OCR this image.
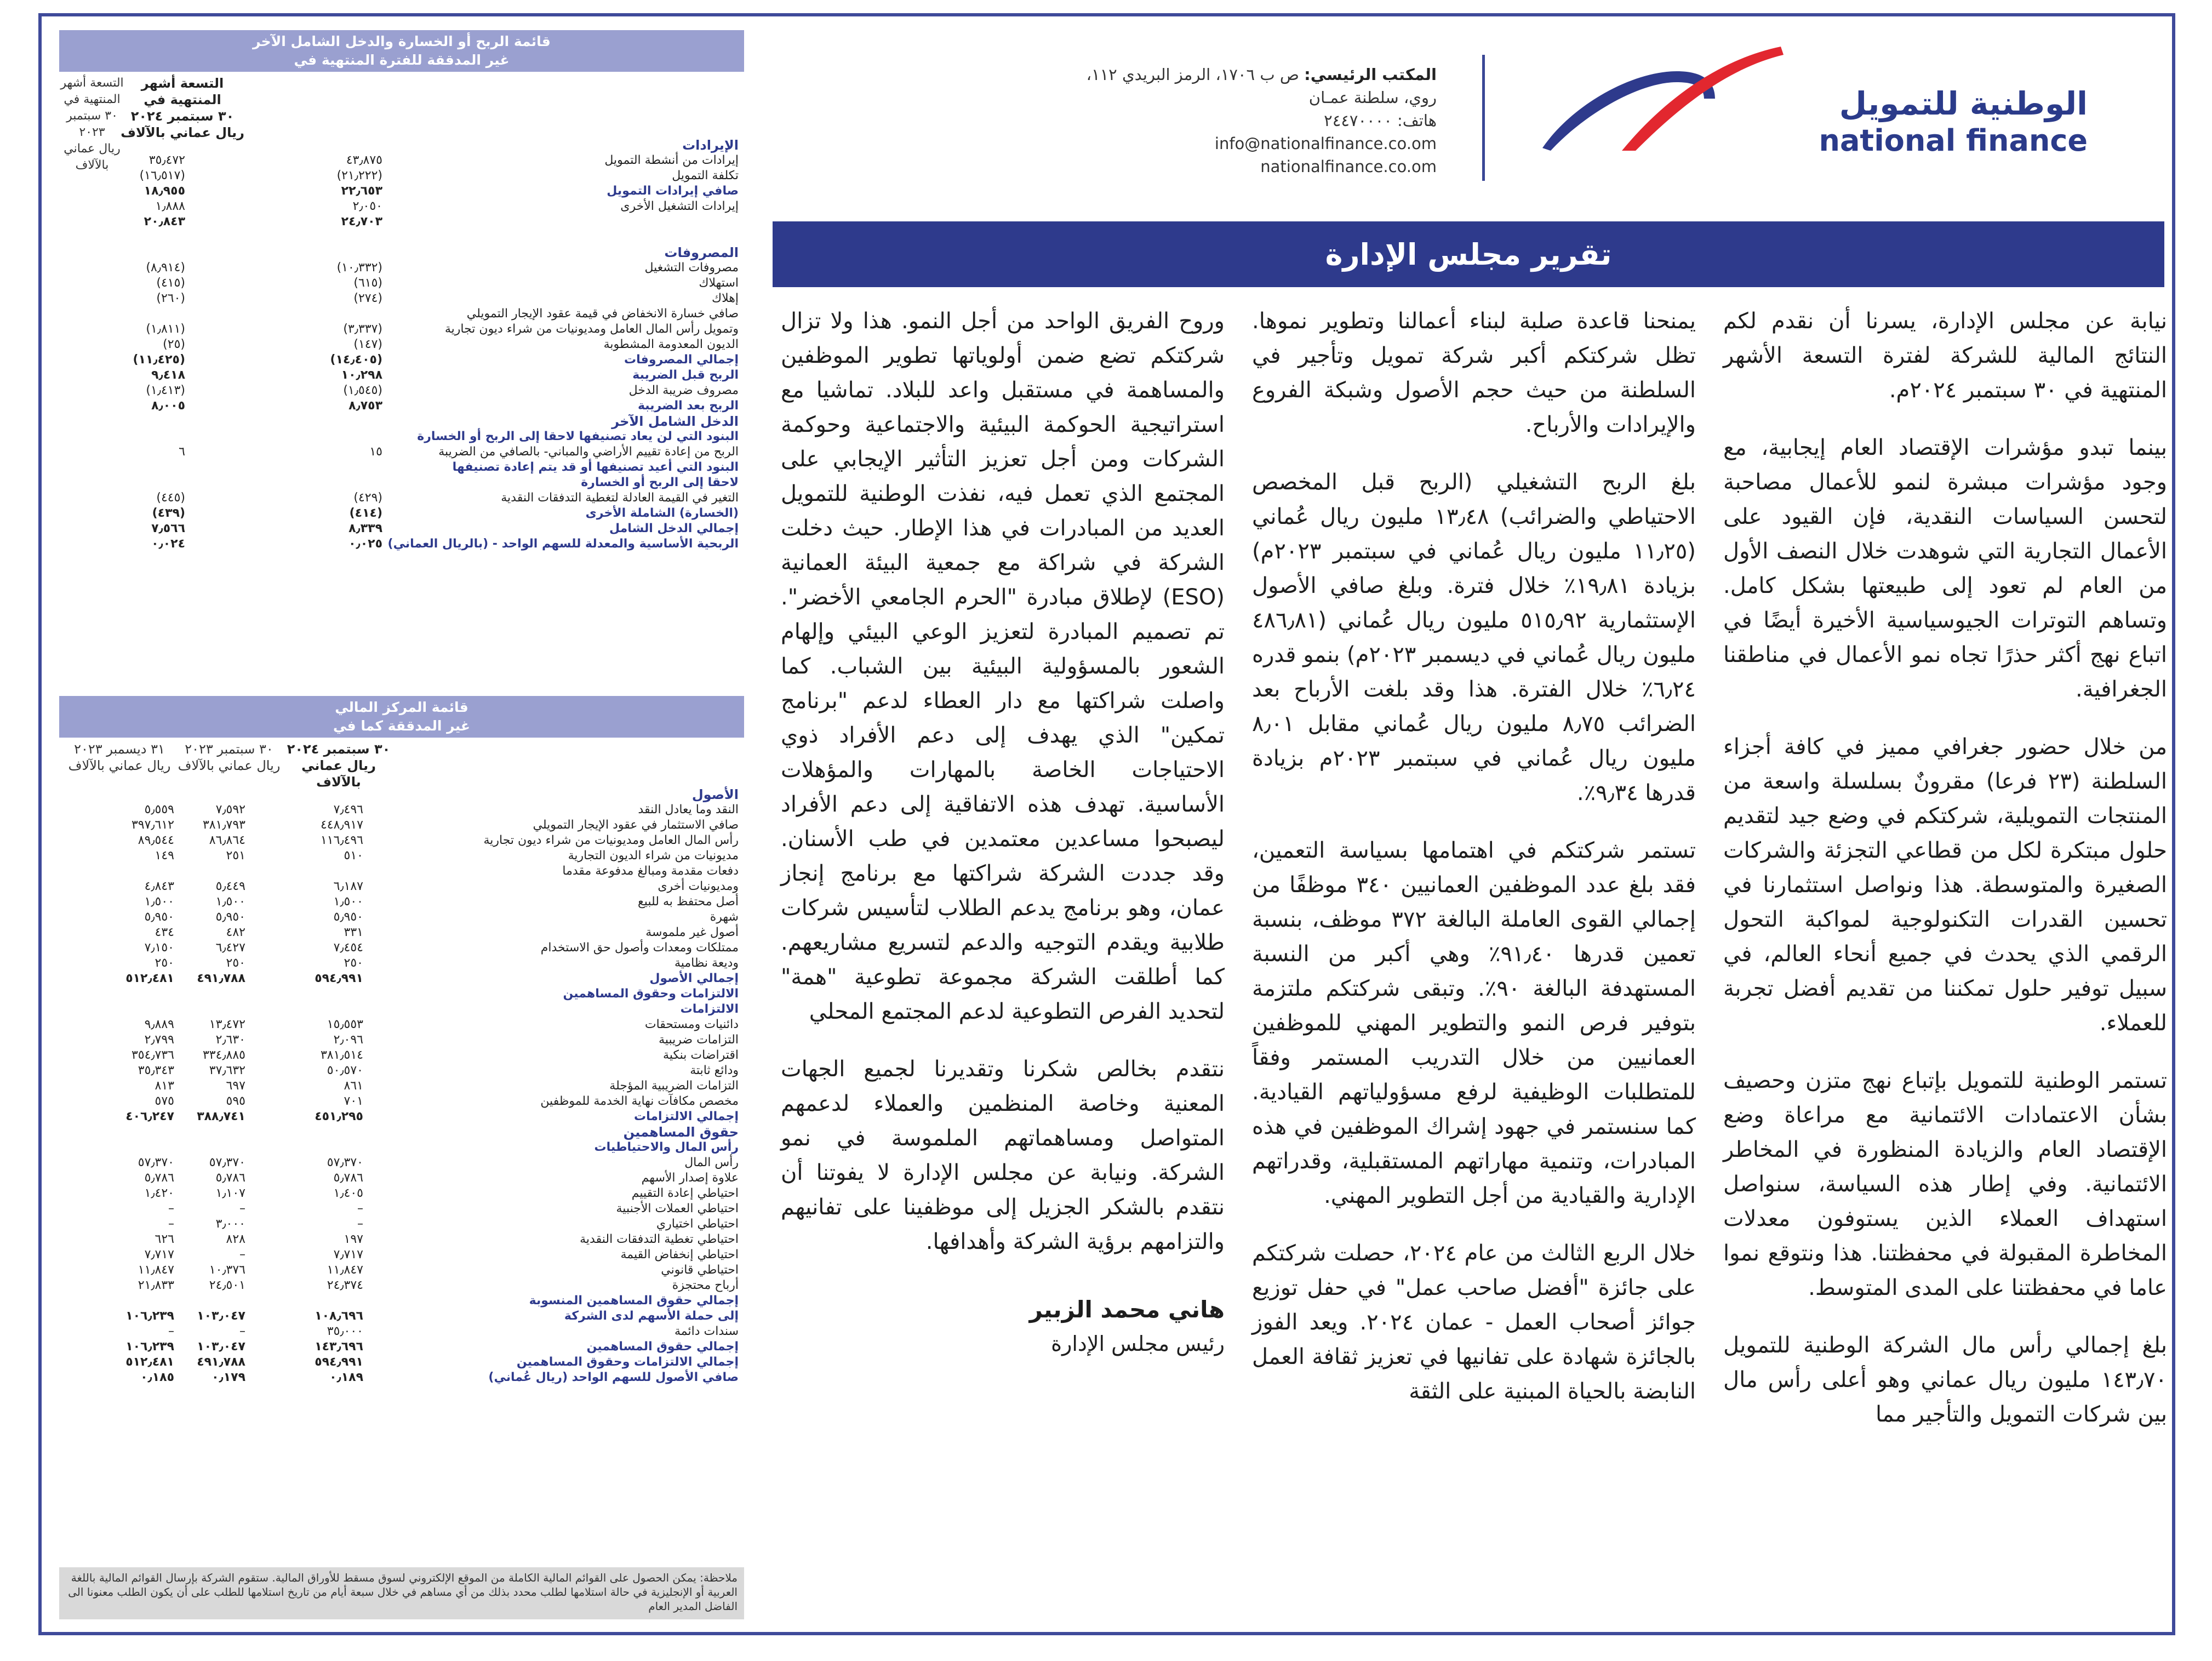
الوطنية للتمويل
national finance
المكتب الرئيسي: ص ب ١٧٠٦، الرمز البريدي ١١٢،
روي، سلطنة عمـان
هاتف: ٢٤٤٧٠٠٠٠
info@nationalfinance.co.om
nationalfinance.co.om
تقرير مجلس الإدارة

نيابة عن مجلس الإدارة، يسرنا أن نقدم لكم النتائج المالية للشركة لفترة التسعة الأشهر المنتهية في ٣٠ سبتمبر ٢٠٢٤م.

بينما تبدو مؤشرات الإقتصاد العام إيجابية، مع وجود مؤشرات مبشرة لنمو للأعمال مصاحبة لتحسن السياسات النقدية، فإن القيود على الأعمال التجارية التي شوهدت خلال النصف الأول من العام لم تعود إلى طبيعتها بشكل كامل. وتساهم التوترات الجيوسياسية الأخيرة أيضًا في اتباع نهج أكثر حذرًا تجاه نمو الأعمال في مناطقنا الجغرافية.

من خلال حضور جغرافي مميز في كافة أجزاء السلطنة (٢٣ فرعا) مقرونٌ بسلسلة واسعة من المنتجات التمويلية، شركتكم في وضع جيد لتقديم حلول مبتكرة لكل من قطاعي التجزئة والشركات الصغيرة والمتوسطة. هذا ونواصل استثمارنا في تحسين القدرات التكنولوجية لمواكبة التحول الرقمي الذي يحدث في جميع أنحاء العالم، في سبيل توفير حلول تمكننا من تقديم أفضل تجربة للعملاء.

تستمر الوطنية للتمويل بإتباع نهج متزن وحصيف بشأن الاعتمادات الائتمانية مع مراعاة وضع الإقتصاد العام والزيادة المنظورة في المخاطر الائتمانية. وفي إطار هذه السياسة، سنواصل استهداف العملاء الذين يستوفون معدلات المخاطرة المقبولة في محفظتنا. هذا ونتوقع نموا عاما في محفظتنا على المدى المتوسط.

بلغ إجمالي رأس مال الشركة الوطنية للتمويل ١٤٣٫٧٠ مليون ريال عماني وهو أعلى رأس مال بين شركات التمويل والتأجير مما

يمنحنا قاعدة صلبة لبناء أعمالنا وتطوير نموها. تظل شركتكم أكبر شركة تمويل وتأجير في السلطنة من حيث حجم الأصول وشبكة الفروع والإيرادات والأرباح.

بلغ الربح التشغيلي (الربح قبل المخصص الاحتياطي والضرائب) ١٣٫٤٨ مليون ريال عُماني (١١٫٢٥ مليون ريال عُماني في سبتمبر ٢٠٢٣م) بزيادة ١٩٫٨١٪ خلال فترة. وبلغ صافي الأصول الإستثمارية ٥١٥٫٩٢ مليون ريال عُماني (٤٨٦٫٨١ مليون ريال عُماني في ديسمبر ٢٠٢٣م) بنمو قدره ٦٫٢٤٪ خلال الفترة. هذا وقد بلغت الأرباح بعد الضرائب ٨٫٧٥ مليون ريال عُماني مقابل ٨٫٠١ مليون ريال عُماني في سبتمبر ٢٠٢٣م بزيادة قدرها ٩٫٣٤٪.

تستمر شركتكم في اهتمامها بسياسة التعمين، فقد بلغ عدد الموظفين العمانيين ٣٤٠ موظفًا من إجمالي القوى العاملة البالغة ٣٧٢ موظف، بنسبة تعمين قدرها ٩١٫٤٠٪ وهي أكبر من النسبة المستهدفة البالغة ٩٠٪. وتبقى شركتكم ملتزمة بتوفير فرص النمو والتطوير المهني للموظفين العمانيين من خلال التدريب المستمر وفقاً للمتطلبات الوظيفية لرفع مسؤولياتهم القيادية. كما سنستمر في جهود إشراك الموظفين في هذه المبادرات، وتنمية مهاراتهم المستقبلية، وقدراتهم الإدارية والقيادية من أجل التطوير المهني.

خلال الربع الثالث من عام ٢٠٢٤، حصلت شركتكم على جائزة "أفضل صاحب عمل" في حفل توزيع جوائز أصحاب العمل - عمان ٢٠٢٤. ويعد الفوز بالجائزة شهادة على تفانيها في تعزيز ثقافة العمل النابضة بالحياة المبنية على الثقة

وروح الفريق الواحد من أجل النمو. هذا ولا تزال شركتكم تضع ضمن أولوياتها تطوير الموظفين والمساهمة في مستقبل واعد للبلاد. تماشيا مع استراتيجية الحوكمة البيئية والاجتماعية وحوكمة الشركات ومن أجل تعزيز التأثير الإيجابي على المجتمع الذي تعمل فيه، نفذت الوطنية للتمويل العديد من المبادرات في هذا الإطار. حيث دخلت الشركة في شراكة مع جمعية البيئة العمانية (ESO) لإطلاق مبادرة "الحرم الجامعي الأخضر". تم تصميم المبادرة لتعزيز الوعي البيئي وإلهام الشعور بالمسؤولية البيئية بين الشباب. كما واصلت شراكتها مع دار العطاء لدعم "برنامج تمكين" الذي يهدف إلى دعم الأفراد ذوي الاحتياجات الخاصة بالمهارات والمؤهلات الأساسية. تهدف هذه الاتفاقية إلى دعم الأفراد ليصبحوا مساعدين معتمدين في طب الأسنان. وقد جددت الشركة شراكتها مع برنامج إنجاز عمان، وهو برنامج يدعم الطلاب لتأسيس شركات طلابية ويقدم التوجيه والدعم لتسريع مشاريعهم. كما أطلقت الشركة مجموعة تطوعية "همة" لتحديد الفرص التطوعية لدعم المجتمع المحلي

نتقدم بخالص شكرنا وتقديرنا لجميع الجهات المعنية وخاصة المنظمين والعملاء لدعمهم المتواصل ومساهماتهم الملموسة في نمو الشركة. ونيابة عن مجلس الإدارة لا يفوتنا أن نتقدم بالشكر الجزيل إلى موظفينا على تفانيهم والتزامهم برؤية الشركة وأهدافها.

هاني محمد الزبير
رئيس مجلس الإدارة
قائمة الربح أو الخسارة والدخل الشامل الآخر
غير المدققة للفترة المنتهية في
التسعة أشهر
المنتهية في
٣٠ سبتمبر ٢٠٢٤
ريال عماني بالآلاف
التسعة أشهر
المنتهية في
٣٠ سبتمبر ٢٠٢٣
ريال عماني بالآلاف
الإيرادات
إيرادات من أنشطة التمويل
٤٣٫٨٧٥
٣٥٫٤٧٢
تكلفة التمويل
(٢١٫٢٢٢)
(١٦٫٥١٧)
صافي إيرادات التمويل
٢٢٫٦٥٣
١٨٫٩٥٥
إيرادات التشغيل الأخرى
٢٫٠٥٠
١٫٨٨٨
٢٤٫٧٠٣
٢٠٫٨٤٣
المصروفات
مصروفات التشغيل
(١٠٫٣٣٢)
(٨٫٩١٤)
استهلاك
(٦١٥)
(٤١٥)
إهلاك
(٢٧٤)
(٢٦٠)
صافي خسارة الانخفاض في قيمة عقود الإيجار التمويلي
وتمويل رأس المال العامل ومديونيات من شراء ديون تجارية
(٣٫٣٣٧)
(١٫٨١١)
الديون المعدومة المشطوبة
(١٤٧)
(٢٥)
إجمالي المصروفات
(١٤٫٤٠٥)
(١١٫٤٢٥)
الربح قبل الضريبة
١٠٫٢٩٨
٩٫٤١٨
مصروف ضريبة الدخل
(١٫٥٤٥)
(١٫٤١٣)
الربح بعد الضريبة
٨٫٧٥٣
٨٫٠٠٥
الدخل الشامل الآخر
البنود التي لن يعاد تصنيفها لاحقا إلى الربح أو الخسارة
الربح من إعادة تقييم الأراضي والمباني- بالصافي من الضريبة
١٥
٦
البنود التي أعيد تصنيفها أو قد يتم إعادة تصنيفها
لاحقا إلى الربح أو الخسارة
التغير في القيمة العادلة لتغطية التدفقات النقدية
(٤٢٩)
(٤٤٥)
(الخسارة) الشاملة الأخرى
(٤١٤)
(٤٣٩)
إجمالي الدخل الشامل
٨٫٣٣٩
٧٫٥٦٦
الربحية الأساسية والمعدلة للسهم الواحد - (بالريال العماني)
٠٫٠٢٥
٠٫٠٢٤
قائمة المركز المالي
غير المدققة كما في
٣٠ سبتمبر ٢٠٢٤
ريال عماني بالآلاف
٣٠ سبتمبر ٢٠٢٣
ريال عماني بالآلاف
٣١ ديسمبر ٢٠٢٣
ريال عماني بالآلاف
الأصول
النقد وما يعادل النقد
٧٫٤٩٦
٧٫٥٩٢
٥٫٥٥٩
صافي الاستثمار في عقود الإيجار التمويلي
٤٤٨٫٩١٧
٣٨١٫٧٩٣
٣٩٧٫٦١٢
رأس المال العامل ومديونيات من شراء ديون تجارية
١١٦٫٤٩٦
٨٦٫٨٦٤
٨٩٫٥٤٤
مديونيات من شراء الديون التجارية
٥١٠
٢٥١
١٤٩
دفعات مقدمة ومبالغ مدفوعة مقدما
ومديونيات أخرى
٦٫١٨٧
٥٫٤٤٩
٤٫٨٤٣
أصل محتفظ به للبيع
١٫٥٠٠
١٫٥٠٠
١٫٥٠٠
شهرة
٥٫٩٥٠
٥٫٩٥٠
٥٫٩٥٠
أصول غير ملموسة
٣٣١
٤٨٢
٤٣٤
ممتلكات ومعدات وأصول حق الاستخدام
٧٫٤٥٤
٦٫٤٢٧
٧٫١٥٠
وديعة نظامية
٢٥٠
٢٥٠
٢٥٠
إجمالي الأصول
٥٩٤٫٩٩١
٤٩١٫٧٨٨
٥١٢٫٤٨١
الالتزامات وحقوق المساهمين
الالتزامات
دائنيات ومستحقات
١٥٫٥٥٣
١٣٫٤٧٢
٩٫٨٨٩
التزامات ضريبية
٢٫٠٩٦
٢٫٦٣٠
٢٫٧٩٩
اقتراضات بنكية
٣٨١٫٥١٤
٣٣٤٫٨٨٥
٣٥٤٫٧٣٦
ودائع ثابتة
٥٠٫٥٧٠
٣٧٫٦٣٢
٣٥٫٣٤٣
التزامات الضريبية المؤجلة
٨٦١
٦٩٧
٨١٣
مخصص مكافآت نهاية الخدمة للموظفين
٧٠١
٥٩٥
٥٧٥
إجمالي الالتزامات
٤٥١٫٢٩٥
٣٨٨٫٧٤١
٤٠٦٫٢٤٧
حقوق المساهمين
رأس المال والاحتياطيات
رأس المال
٥٧٫٣٧٠
٥٧٫٣٧٠
٥٧٫٣٧٠
علاوة إصدار الأسهم
٥٫٧٨٦
٥٫٧٨٦
٥٫٧٨٦
احتياطي إعادة التقييم
١٫٤٠٥
١٫١٠٧
١٫٤٢٠
احتياطي العملات الأجنبية
–
–
–
احتياطي اختياري
–
٣٫٠٠٠
–
احتياطي تغطية التدفقات النقدية
١٩٧
٨٢٨
٦٢٦
احتياطي إنخفاض القيمة
٧٫٧١٧
–
٧٫٧١٧
احتياطي قانوني
١١٫٨٤٧
١٠٫٣٧٦
١١٫٨٤٧
أرباح محتجزة
٢٤٫٣٧٤
٢٤٫٥٠١
٢١٫٨٣٣
إجمالي حقوق المساهمين المنسوبة
إلى حملة الأسهم لدى الشركة
١٠٨٫٦٩٦
١٠٣٫٠٤٧
١٠٦٫٢٣٩
سندات دائمة
٣٥٫٠٠٠
–
–
إجمالي حقوق المساهمين
١٤٣٫٦٩٦
١٠٣٫٠٤٧
١٠٦٫٢٣٩
إجمالي الالتزامات وحقوق المساهمين
٥٩٤٫٩٩١
٤٩١٫٧٨٨
٥١٢٫٤٨١
صافي الأصول للسهم الواحد (ريال عُماني)
٠٫١٨٩
٠٫١٧٩
٠٫١٨٥
ملاحظة: يمكن الحصول على القوائم المالية الكاملة من الموقع الإلكتروني لسوق مسقط للأوراق المالية. ستقوم الشركة بإرسال القوائم المالية باللغة العربية أو الإنجليزية في حالة استلامها لطلب محدد بذلك من أي مساهم في خلال سبعة أيام من تاريخ استلامها للطلب على أن يكون الطلب معنونا الى الفاضل المدير العام
